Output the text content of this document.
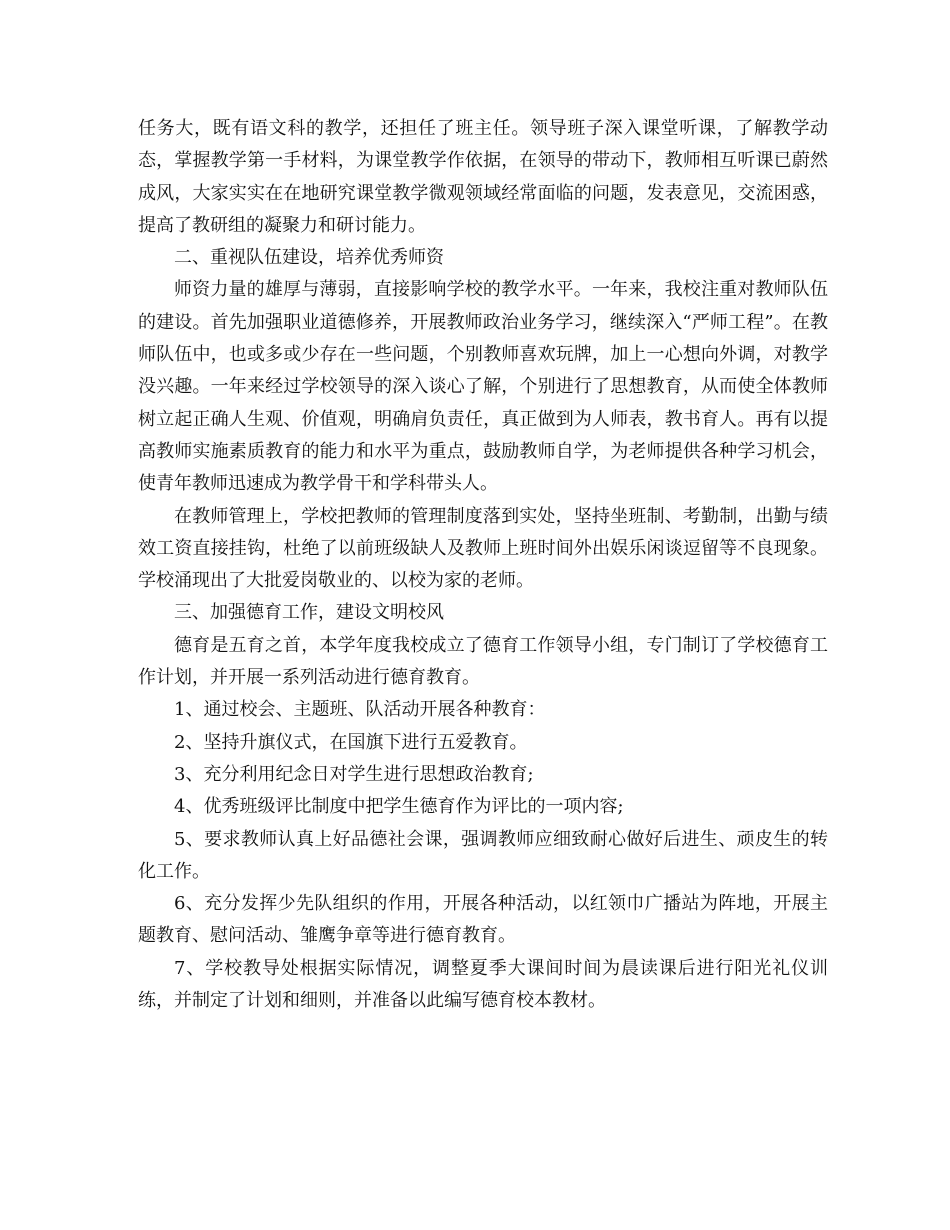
任务大，既有语文科的教学，还担任了班主任。领导班子深入课堂听课，了解教学动态，掌握教学第一手材料，为课堂教学作依据，在领导的带动下，教师相互听课已蔚然成风，大家实实在在地研究课堂教学微观领域经常面临的问题，发表意见，交流困惑，提高了教研组的凝聚力和研讨能力。

二、重视队伍建设，培养优秀师资

师资力量的雄厚与薄弱，直接影响学校的教学水平。一年来，我校注重对教师队伍的建设。首先加强职业道德修养，开展教师政治业务学习，继续深入“严师工程”。在教师队伍中，也或多或少存在一些问题，个别教师喜欢玩牌，加上一心想向外调，对教学没兴趣。一年来经过学校领导的深入谈心了解，个别进行了思想教育，从而使全体教师树立起正确人生观、价值观，明确肩负责任，真正做到为人师表，教书育人。再有以提高教师实施素质教育的能力和水平为重点，鼓励教师自学，为老师提供各种学习机会，使青年教师迅速成为教学骨干和学科带头人。

在教师管理上，学校把教师的管理制度落到实处，坚持坐班制、考勤制，出勤与绩效工资直接挂钩，杜绝了以前班级缺人及教师上班时间外出娱乐闲谈逗留等不良现象。学校涌现出了大批爱岗敬业的、以校为家的老师。

三、加强德育工作，建设文明校风

德育是五育之首，本学年度我校成立了德育工作领导小组，专门制订了学校德育工作计划，并开展一系列活动进行德育教育。

1、通过校会、主题班、队活动开展各种教育：

2、坚持升旗仪式，在国旗下进行五爱教育。

3、充分利用纪念日对学生进行思想政治教育;

4、优秀班级评比制度中把学生德育作为评比的一项内容;

5、要求教师认真上好品德社会课，强调教师应细致耐心做好后进生、顽皮生的转化工作。

6、充分发挥少先队组织的作用，开展各种活动，以红领巾广播站为阵地，开展主题教育、慰问活动、雏鹰争章等进行德育教育。

7、学校教导处根据实际情况，调整夏季大课间时间为晨读课后进行阳光礼仪训练，并制定了计划和细则，并准备以此编写德育校本教材。
